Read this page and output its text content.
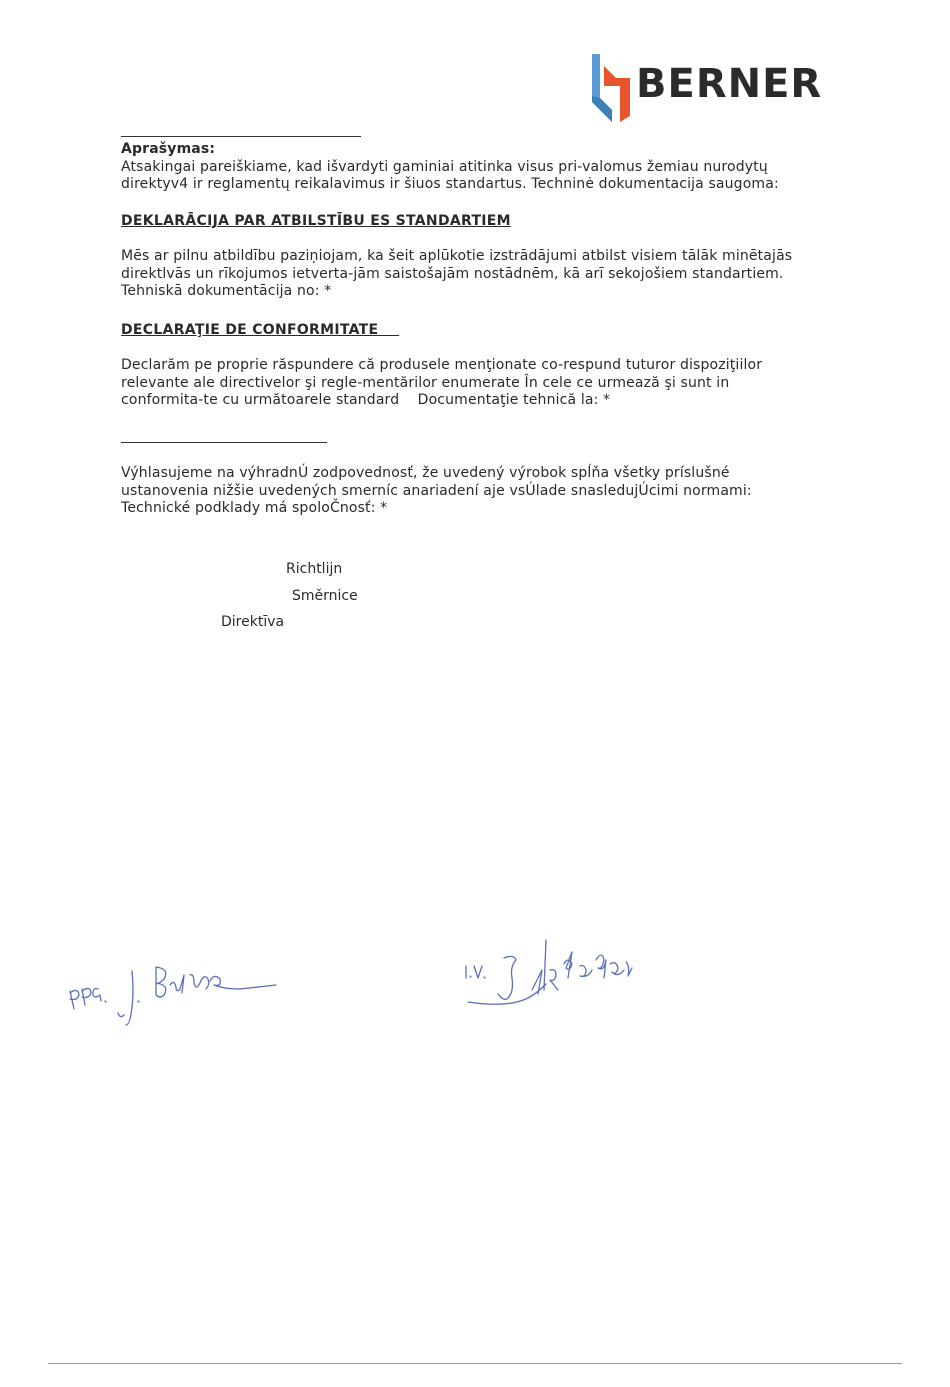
BERNER
Aprašymas:
Atsakingai pareiškiame, kad išvardyti gaminiai atitinka visus pri-valomus žemiau nurodytų
direktyv4 ir reglamentų reikalavimus ir šiuos standartus. Techninė dokumentacija saugoma:
DEKLARĀCIJA PAR ATBILSTĪBU ES STANDARTIEM
Mēs ar pilnu atbildību paziņiojam, ka šeit aplūkotie izstrādājumi atbilst visiem tālāk minētajās
direktlvās un rīkojumos ietverta-jām saistošajām nostādnēm, kā arī sekojošiem standartiem.
Tehniskā dokumentācija no: *
DECLARAŢIE DE CONFORMITATE
Declarăm pe proprie răspundere că produsele menţionate co-respund tuturor dispoziţiilor
relevante ale directivelor şi regle-mentărilor enumerate În cele ce urmează şi sunt in
conformita-te cu următoarele standard    Documentaţie tehnică la: *
Výhlasujeme na výhradnÚ zodpovednosť, že uvedený výrobok spĺňa všetky príslušné
ustanovenia nižšie uvedených smerníc anariadení aje vsÚlade snasledujÚcimi normami:
Technické podklady má spoloČnosť: *
Richtlijn
Směrnice
Direktīva
